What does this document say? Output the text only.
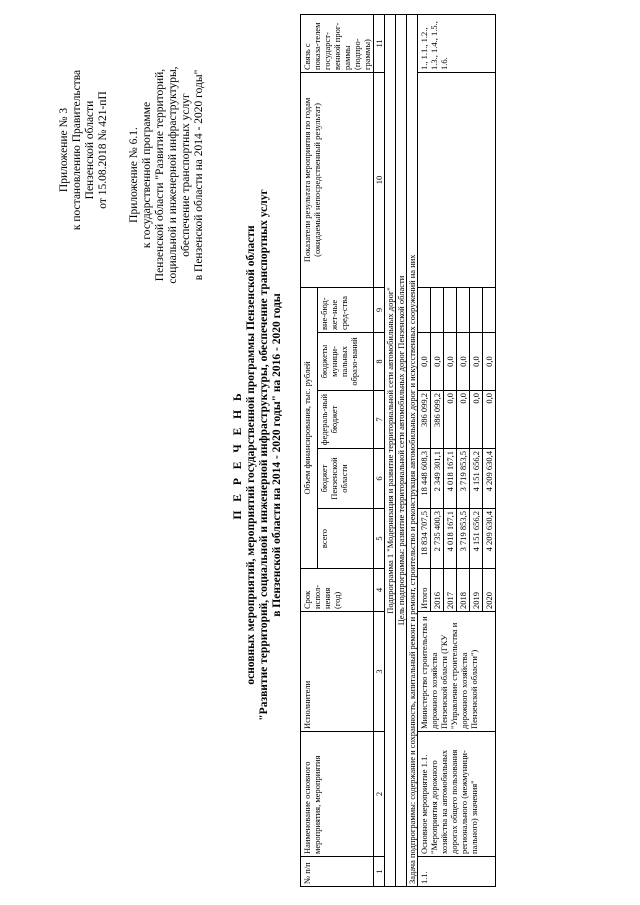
Приложение № 3 к постановлению Правительства Пензенской области от 15.08.2018 № 421-пП Приложение № 6.1. к государственной программе Пензенской области "Развитие территорий, социальной и инженерной инфраструктуры, обеспечение транспортных услуг в Пензенской области на 2014 - 2020 годы"
П Е Р Е Ч Е Н Ь основных мероприятий, мероприятий государственной программы Пензенской области "Развитие территорий, социальной и инженерной инфраструктуры, обеспечение транспортных услуг в Пензенской области на 2014 - 2020 годы" на 2016 - 2020 годы
№ п/п	Наименование основного мероприятия, мероприятия	Исполнители	Срок испол-нения (год)	Объем финансирования, тыс. рублей					Показатели результата мероприятия по годам (ожидаемый непосредственный результат)	Связь с показа-телем государст-венной прог-раммы (подпро-граммы)
				всего	бюджет Пензенской области	федераль-ный бюджет	бюджеты муници-пальных образо-ваний	вне-бюд-жет-ные сред-ства		
1	2	3	4	5	6	7	8	9	10	11
Подпрограмма 1 "Модернизация и развитие территориальной сети автомобильных дорог"										
Цель подпрограммы: развитие территориальной сети автомобильных дорог Пензенской области										
Задача подпрограммы: содержание и сохранность, капитальный ремонт и ремонт, строительство и реконструкция автомобильных дорог и искусственных сооружений на них										
1.1.	Основное мероприятие 1.1. "Мероприятия дорожного хозяйства на автомобильных дорогах общего пользования регионального (межмуници-пального) значения"	Министерство строительства и дорожного хозяйства Пензенской области (ГКУ "Управление строительства и дорожного хозяйства Пензенской области")	Итого	18 834 707,5	18 448 608,3	386 099,2	0,0			1., 1.1., 1.2., 1.3., 1.4., 1.5., 1.6.
			2016	2 735 400,3	2 349 301,1	386 099,2	0,0			
			2017	4 018 167,1	4 018 167,1	0,0	0,0			
			2018	3 719 853,5	3 719 853,5	0,0	0,0			
			2019	4 151 656,2	4 151 656,2	0,0	0,0			
			2020	4 209 630,4	4 209 630,4	0,0	0,0			
